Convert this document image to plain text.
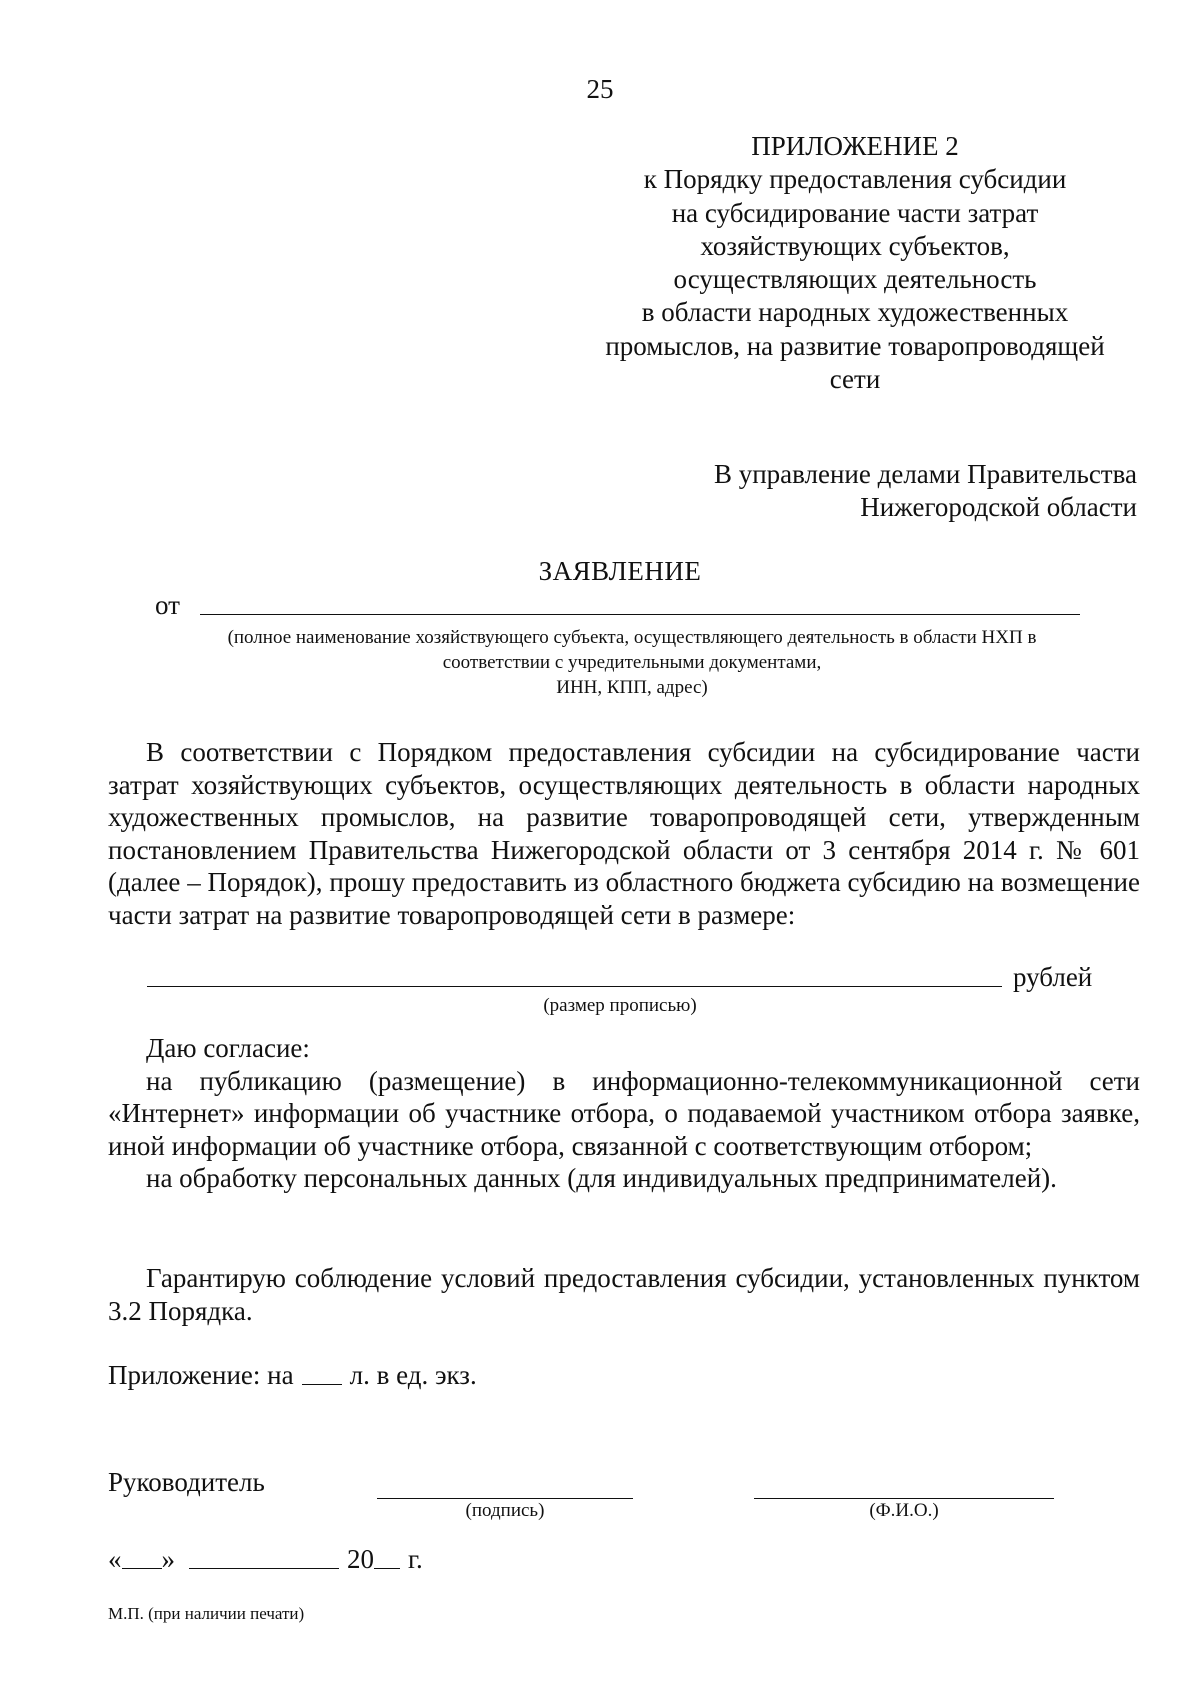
25
ПРИЛОЖЕНИЕ 2
к Порядку предоставления субсидии
на субсидирование части затрат
хозяйствующих субъектов,
осуществляющих деятельность
в области народных художественных
промыслов, на развитие товаропроводящей
сети
В управление делами Правительства
Нижегородской области
ЗАЯВЛЕНИЕ
от
(полное наименование хозяйствующего субъекта, осуществляющего деятельность в области НХП в
соответствии с учредительными документами,
ИНН, КПП, адрес)

В соответствии с Порядком предоставления субсидии на субсидирование части затрат хозяйствующих субъектов, осуществляющих деятельность в области народных художественных промыслов, на развитие товаропроводящей сети, утвержденным постановлением Правительства Нижегородской области от 3 сентября 2014 г. № 601 (далее – Порядок), прошу предоставить из областного бюджета субсидию на возмещение части затрат на развитие товаропроводящей сети в размере:

рублей
(размер прописью)

Даю согласие:

на публикацию (размещение) в информационно-телекоммуникационной сети «Интернет» информации об участнике отбора, о подаваемой участником отбора заявке, иной информации об участнике отбора, связанной с соответствующим отбором;

на обработку персональных данных (для индивидуальных предпринимателей).

Гарантирую соблюдение условий предоставления субсидии, установленных пунктом 3.2 Порядка.

Приложение: на л. в ед. экз.
Руководитель
(подпись)	(Ф.И.О.)
« »	20 г.
М.П. (при наличии печати)
